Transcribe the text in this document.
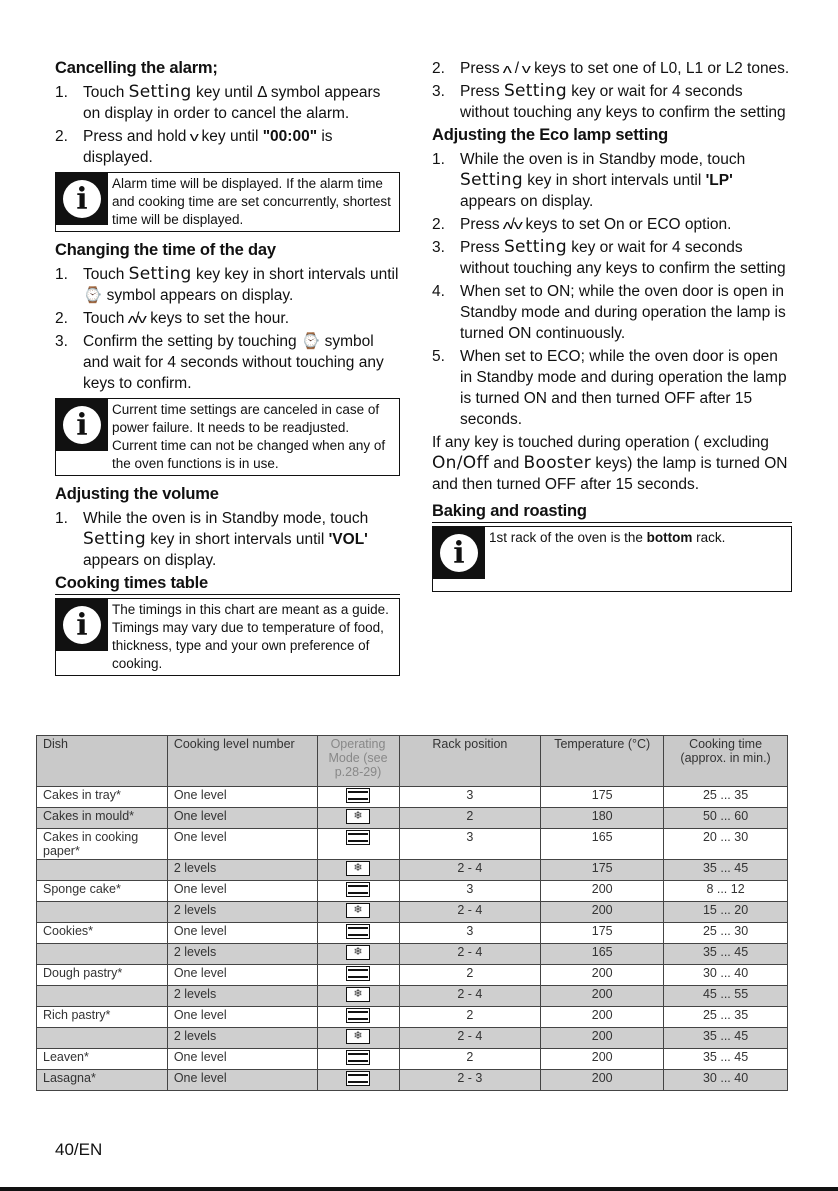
Cancelling the alarm;
1. Touch Setting key until Δ symbol appears on display in order to cancel the alarm.
2. Press and hold v key until "00:00" is displayed.
i	Alarm time will be displayed. If the alarm time and cooking time are set concurrently, shortest time will be displayed.
Changing the time of the day
1. Touch Setting key key in short intervals until ⌚ symbol appears on display.
2. Touch ʌ/v keys to set the hour.
3. Confirm the setting by touching ⌚ symbol and wait for 4 seconds without touching any keys to confirm.
i	Current time settings are canceled in case of power failure. It needs to be readjusted. Current time can not be changed when any of the oven functions is in use.
Adjusting the volume
1. While the oven is in Standby mode, touch Setting key in short intervals until 'VOL' appears on display.
Cooking times table
i	The timings in this chart are meant as a guide. Timings may vary due to temperature of food, thickness, type and your own preference of cooking.
2. Press ʌ / v keys to set one of L0, L1 or L2 tones.
3. Press Setting key or wait for 4 seconds without touching any keys to confirm the setting
Adjusting the Eco lamp setting
1. While the oven is in Standby mode, touch Setting key in short intervals until 'LP' appears on display.
2. Press ʌ/v keys to set On or ECO option.
3. Press Setting key or wait for 4 seconds without touching any keys to confirm the setting
4. When set to ON; while the oven door is open in Standby mode and during operation the lamp is turned ON continuously.
5. When set to ECO; while the oven door is open in Standby mode and during operation the lamp is turned ON and then turned OFF after 15 seconds.
If any key is touched during operation ( excluding On/Off and Booster keys) the lamp is turned ON and then turned OFF after 15 seconds.
Baking and roasting
i	1st rack of the oven is the bottom rack.
Dish	Cooking level number	Operating Mode (see p.28-29)	Rack position	Temperature (°C)	Cooking time (approx. in min.)
Cakes in tray*	One level		3	175	25 ... 35
Cakes in mould*	One level	❄	2	180	50 ... 60
Cakes in cooking paper*	One level		3	165	20 ... 30
	2 levels	❄	2 - 4	175	35 ... 45
Sponge cake*	One level		3	200	8 ... 12
	2 levels	❄	2 - 4	200	15 ... 20
Cookies*	One level		3	175	25 ... 30
	2 levels	❄	2 - 4	165	35 ... 45
Dough pastry*	One level		2	200	30 ... 40
	2 levels	❄	2 - 4	200	45 ... 55
Rich pastry*	One level		2	200	25 ... 35
	2 levels	❄	2 - 4	200	35 ... 45
Leaven*	One level		2	200	35 ... 45
Lasagna*	One level		2 - 3	200	30 ... 40
40/EN
